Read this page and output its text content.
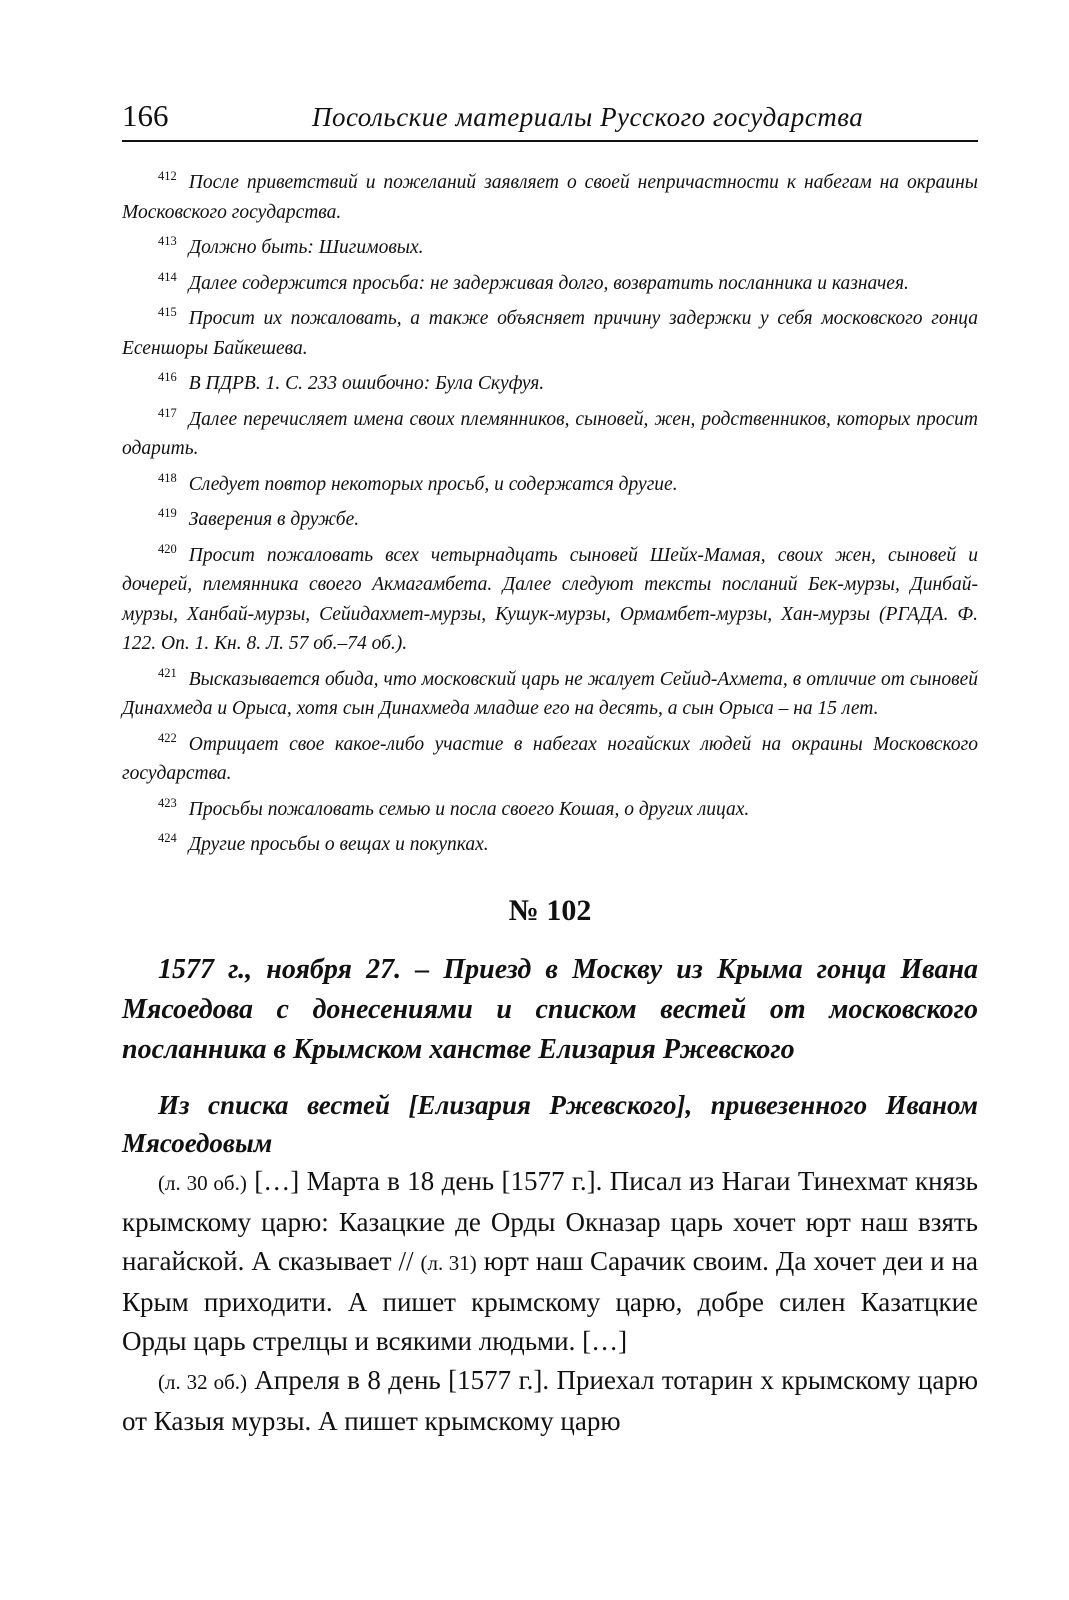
166	Посольские материалы Русского государства

$^{412}$ После приветствий и пожеланий заявляет о своей непричастности к набегам на окраины Московского государства.

$^{413}$ Должно быть: Шигимовых.

$^{414}$ Далее содержится просьба: не задерживая долго, возвратить посланника и казначея.

$^{415}$ Просит их пожаловать, а также объясняет причину задержки у себя московского гонца Есеншоры Байкешева.

$^{416}$ В ПДРВ. 1. С. 233 ошибочно: Була Скуфуя.

$^{417}$ Далее перечисляет имена своих племянников, сыновей, жен, родственников, которых просит одарить.

$^{418}$ Следует повтор некоторых просьб, и содержатся другие.

$^{419}$ Заверения в дружбе.

$^{420}$ Просит пожаловать всех четырнадцать сыновей Шейх-Мамая, своих жен, сыновей и дочерей, племянника своего Акмагамбета. Далее следуют тексты посланий Бек-мурзы, Динбай-мурзы, Ханбай-мурзы, Сейидахмет-мурзы, Кушук-мурзы, Ормамбет-мурзы, Хан-мурзы (РГАДА. Ф. 122. Оп. 1. Кн. 8. Л. 57 об.–74 об.).

$^{421}$ Высказывается обида, что московский царь не жалует Сейид-Ахмета, в отличие от сыновей Динахмеда и Орыса, хотя сын Динахмеда младше его на десять, а сын Орыса – на 15 лет.

$^{422}$ Отрицает свое какое-либо участие в набегах ногайских людей на окраины Московского государства.

$^{423}$ Просьбы пожаловать семью и посла своего Кошая, о других лицах.

$^{424}$ Другие просьбы о вещах и покупках.

№ 102
1577 г., ноября 27. – Приезд в Москву из Крыма гонца Ивана Мясоедова с донесениями и списком вестей от московского посланника в Крымском ханстве Елизария Ржевского
Из списка вестей [Елизария Ржевского], привезенного Иваном Мясоедовым

(л. 30 об.) […] Марта в 18 день [1577 г.]. Писал из Нагаи Тинехмат князь крымскому царю: Казацкие де Орды Окназар царь хочет юрт наш взять нагайской. А сказывает // (л. 31) юрт наш Сарачик своим. Да хочет деи и на Крым приходити. А пишет крымскому царю, добре силен Казатцкие Орды царь стрелцы и всякими людьми. […]

(л. 32 об.) Апреля в 8 день [1577 г.]. Приехал тотарин х крымскому царю от Казыя мурзы. А пишет крымскому царю
